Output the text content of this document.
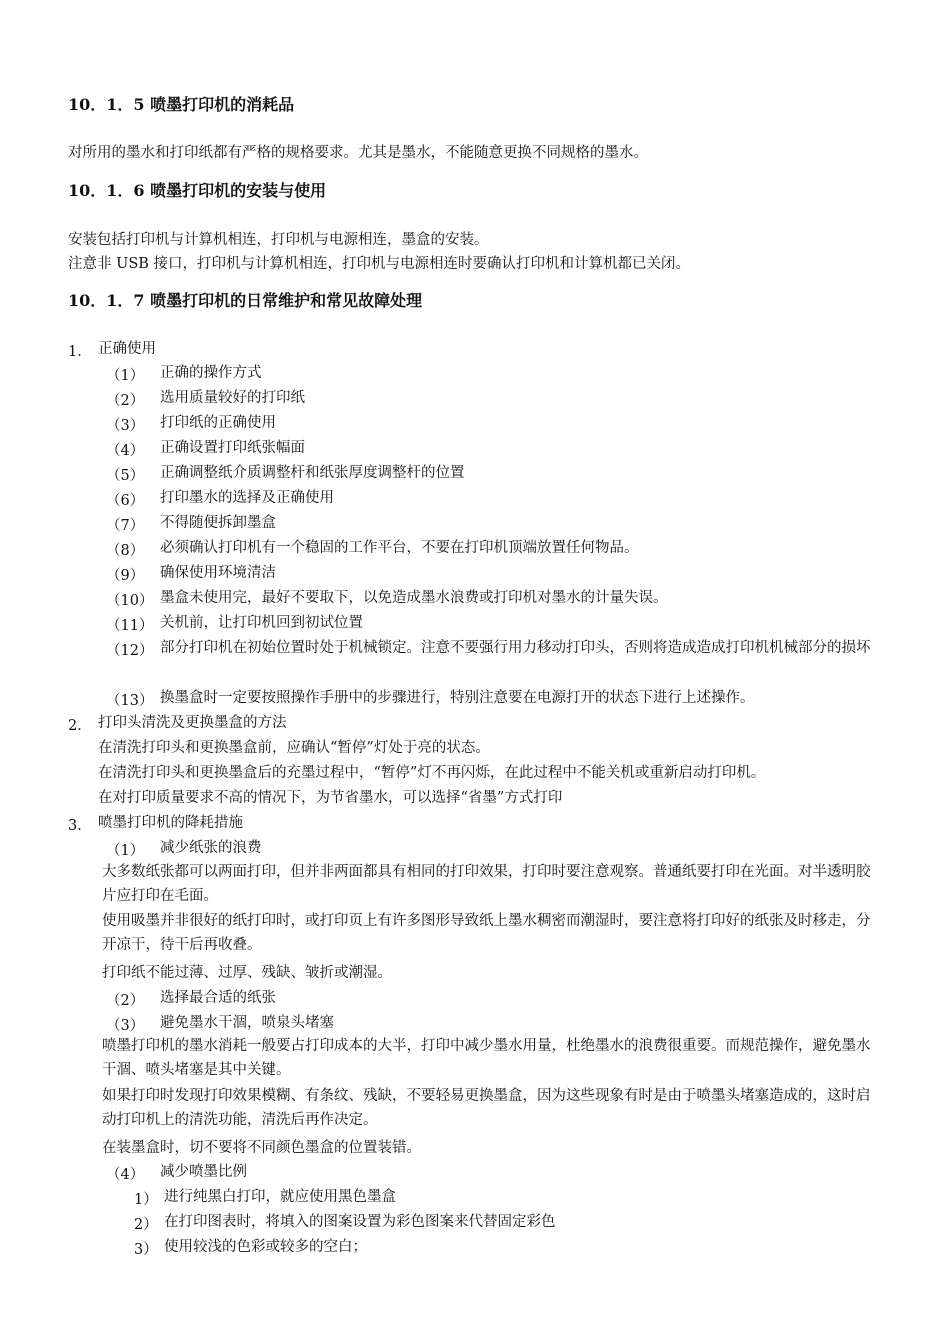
10．1．5 喷墨打印机的消耗品
对所用的墨水和打印纸都有严格的规格要求。尤其是墨水，不能随意更换不同规格的墨水。
10．1．6 喷墨打印机的安装与使用
安装包括打印机与计算机相连，打印机与电源相连，墨盒的安装。
注意非 USB 接口，打印机与计算机相连，打印机与电源相连时要确认打印机和计算机都已关闭。
10．1．7 喷墨打印机的日常维护和常见故障处理
1． 正确使用
（1） 正确的操作方式
（2） 选用质量较好的打印纸
（3） 打印纸的正确使用
（4） 正确设置打印纸张幅面
（5） 正确调整纸介质调整杆和纸张厚度调整杆的位置
（6） 打印墨水的选择及正确使用
（7） 不得随便拆卸墨盒
（8） 必须确认打印机有一个稳固的工作平台，不要在打印机顶端放置任何物品。
（9） 确保使用环境清洁
（10） 墨盒未使用完，最好不要取下，以免造成墨水浪费或打印机对墨水的计量失误。
（11） 关机前，让打印机回到初试位置
（12） 部分打印机在初始位置时处于机械锁定。注意不要强行用力移动打印头，否则将造成造成打印机机械部分的损坏
（13） 换墨盒时一定要按照操作手册中的步骤进行，特别注意要在电源打开的状态下进行上述操作。
2． 打印头清洗及更换墨盒的方法
在清洗打印头和更换墨盒前，应确认“暂停”灯处于亮的状态。
在清洗打印头和更换墨盒后的充墨过程中，“暂停”灯不再闪烁，在此过程中不能关机或重新启动打印机。
在对打印质量要求不高的情况下，为节省墨水，可以选择“省墨”方式打印
3． 喷墨打印机的降耗措施
（1） 减少纸张的浪费
大多数纸张都可以两面打印，但并非两面都具有相同的打印效果，打印时要注意观察。普通纸要打印在光面。对半透明胶片应打印在毛面。
使用吸墨并非很好的纸打印时，或打印页上有许多图形导致纸上墨水稠密而潮湿时，要注意将打印好的纸张及时移走，分开凉干，待干后再收叠。
打印纸不能过薄、过厚、残缺、皱折或潮湿。
（2） 选择最合适的纸张
（3） 避免墨水干涸，喷泉头堵塞
喷墨打印机的墨水消耗一般要占打印成本的大半，打印中减少墨水用量，杜绝墨水的浪费很重要。而规范操作，避免墨水干涸、喷头堵塞是其中关键。
如果打印时发现打印效果模糊、有条纹、残缺，不要轻易更换墨盒，因为这些现象有时是由于喷墨头堵塞造成的，这时启动打印机上的清洗功能，清洗后再作决定。
在装墨盒时，切不要将不同颜色墨盒的位置装错。
（4） 减少喷墨比例
1） 进行纯黑白打印，就应使用黑色墨盒
2） 在打印图表时，将填入的图案设置为彩色图案来代替固定彩色
3） 使用较浅的色彩或较多的空白；
